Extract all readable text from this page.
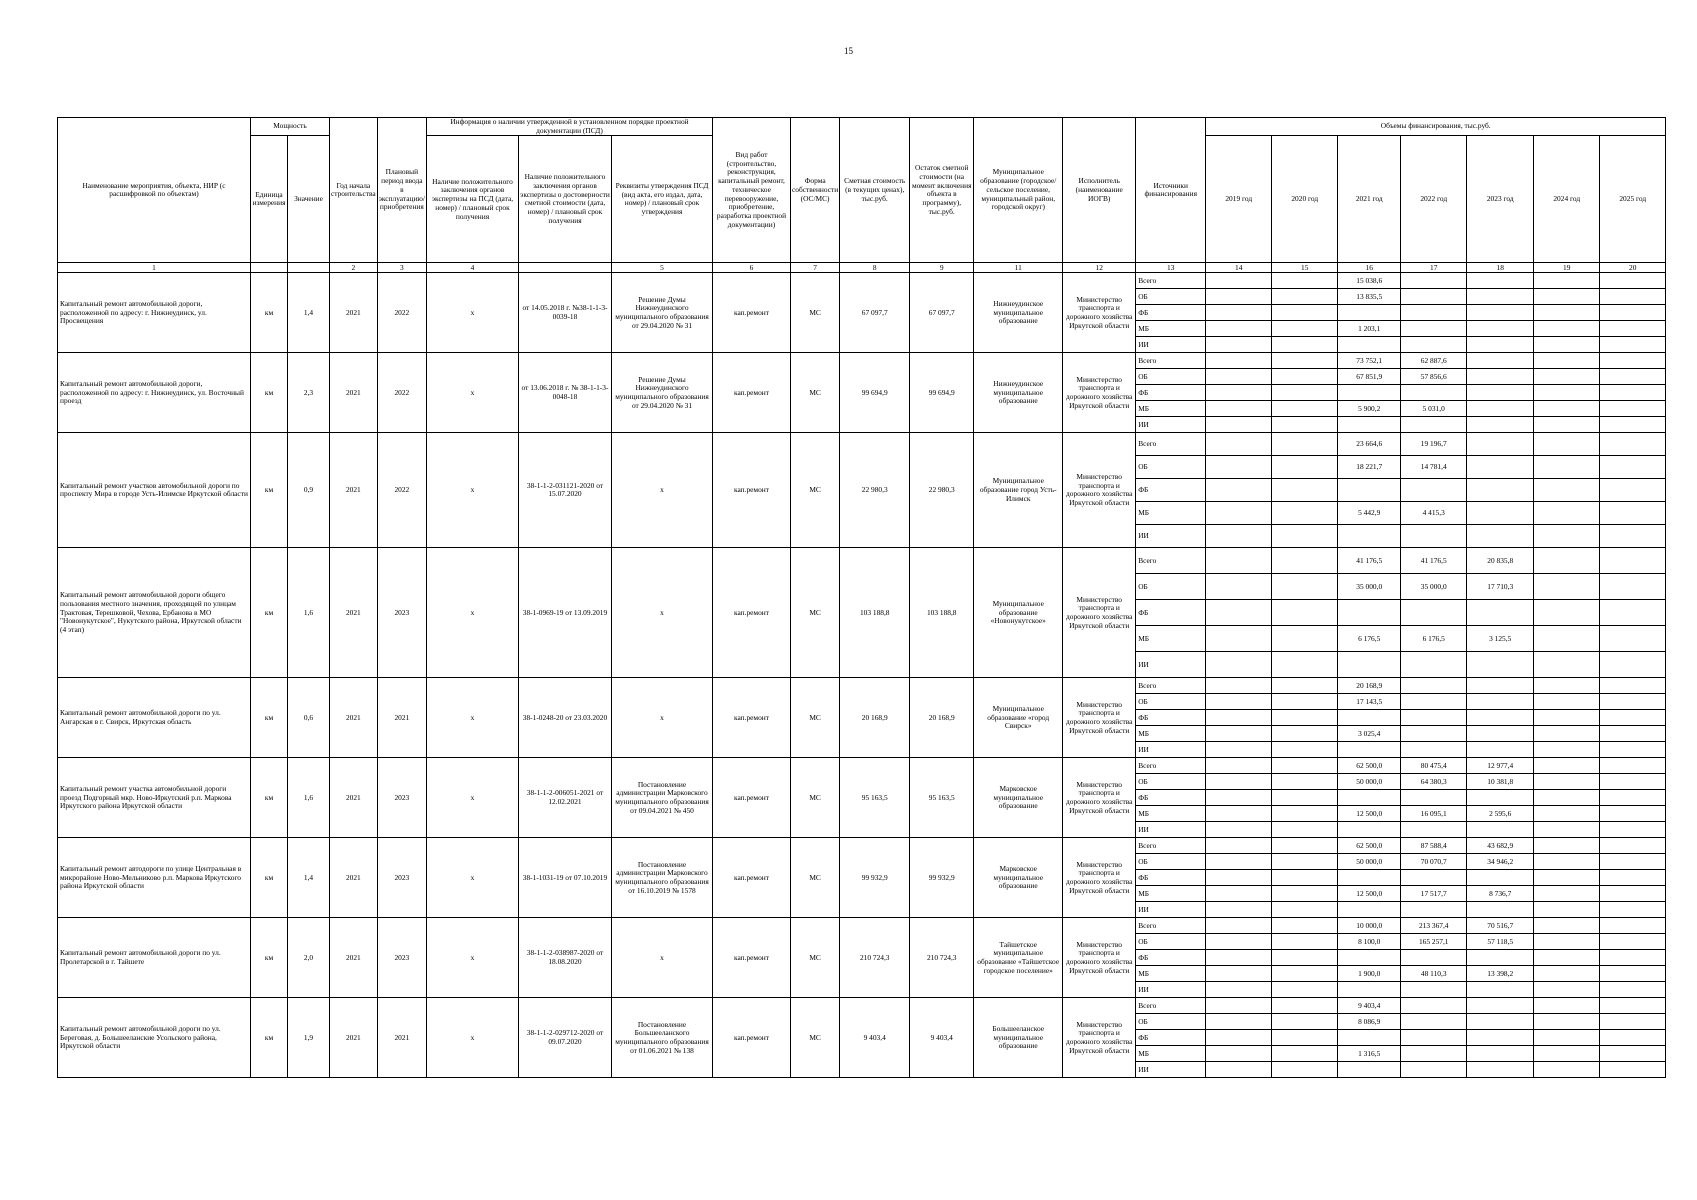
15
Наименование мероприятия, объекта, НИР (с расшифровкой по объектам)	Мощность		Год начала строительства	Плановый период ввода в эксплуатацию/приобретения	Информация о наличии утвержденной в установленном порядке проектной документации (ПСД)			Вид работ (строительство, реконструкция, капитальный ремонт, техническое перевооружение, приобретение, разработка проектной документации)	Форма собственности (ОС/МС)	Сметная стоимость (в текущих ценах), тыс.руб.	Остаток сметной стоимости (на момент включения объекта в программу), тыс.руб.	Муниципальное образование (городское/сельское поселение, муниципальный район, городской округ)	Исполнитель (наименование ИОГВ)	Источники финансирования	Объемы финансирования, тыс.руб.						
	Единица измерения	Значение			Наличие положительного заключения органов экспертизы на ПСД (дата, номер) / плановый срок получения	Наличие положительного заключения органов экспертизы о достоверности сметной стоимости (дата, номер) / плановый срок получения	Реквизиты утверждения ПСД (вид акта, его издал, дата, номер) / плановый срок утверждения								2019 год	2020 год	2021 год	2022 год	2023 год	2024 год	2025 год
1			2	3	4		5	6	7	8	9	11	12	13	14	15	16	17	18	19	20
Капитальный ремонт автомобильной дороги, расположенной по адресу: г. Нижнеудинск, ул. Просвещения	км	1,4	2021	2022	х	от 14.05.2018 г. №38-1-1-3-0039-18	Решение Думы Нижнеудинского муниципального образования от 29.04.2020 № 31	кап.ремонт	МС	67 097,7	67 097,7	Нижнеудинское муниципальное образование	Министерство транспорта и дорожного хозяйства Иркутской области	Всего			15 038,6				
														ОБ			13 835,5				
														ФБ							
														МБ			1 203,1				
														ИИ							
Капитальный ремонт автомобильной дороги, расположенной по адресу: г. Нижнеудинск, ул. Восточный проезд	км	2,3	2021	2022	х	от 13.06.2018 г. № 38-1-1-3-0048-18	Решение Думы Нижнеудинского муниципального образования от 29.04.2020 № 31	кап.ремонт	МС	99 694,9	99 694,9	Нижнеудинское муниципальное образование	Министерство транспорта и дорожного хозяйства Иркутской области	Всего			73 752,1	62 887,6			
														ОБ			67 851,9	57 856,6			
														ФБ							
														МБ			5 900,2	5 031,0			
														ИИ							
Капитальный ремонт участков автомобильной дороги по проспекту Мира в городе Усть-Илимске Иркутской области	км	0,9	2021	2022	х	38-1-1-2-031121-2020 от 15.07.2020	х	кап.ремонт	МС	22 980,3	22 980,3	Муниципальное образование город Усть-Илимск	Министерство транспорта и дорожного хозяйства Иркутской области	Всего			23 664,6	19 196,7			
														ОБ			18 221,7	14 781,4			
														ФБ							
														МБ			5 442,9	4 415,3			
														ИИ							
Капитальный ремонт автомобильной дороги общего пользования местного значения, проходящей по улицам Трактовая, Терешковой, Чехова, Ербанова в МО "Новонукутское", Нукутского района, Иркутской области (4 этап)	км	1,6	2021	2023	х	38-1-0969-19 от 13.09.2019	х	кап.ремонт	МС	103 188,8	103 188,8	Муниципальное образование «Новонукутское»	Министерство транспорта и дорожного хозяйства Иркутской области	Всего			41 176,5	41 176,5	20 835,8		
														ОБ			35 000,0	35 000,0	17 710,3		
														ФБ							
														МБ			6 176,5	6 176,5	3 125,5		
														ИИ							
Капитальный ремонт автомобильной дороги по ул. Ангарская в г. Свирск, Иркутская область	км	0,6	2021	2021	х	38-1-0248-20 от 23.03.2020	х	кап.ремонт	МС	20 168,9	20 168,9	Муниципальное образование «город Свирск»	Министерство транспорта и дорожного хозяйства Иркутской области	Всего			20 168,9				
														ОБ			17 143,5				
														ФБ							
														МБ			3 025,4				
														ИИ							
Капитальный ремонт участка автомобильной дороги проезд Подгорный мкр. Ново-Иркутский р.п. Маркова Иркутского района Иркутской области	км	1,6	2021	2023	х	38-1-1-2-006051-2021 от 12.02.2021	Постановление администрации Марковского муниципального образования от 09.04.2021 № 450	кап.ремонт	МС	95 163,5	95 163,5	Марковское муниципальное образование	Министерство транспорта и дорожного хозяйства Иркутской области	Всего			62 500,0	80 475,4	12 977,4		
														ОБ			50 000,0	64 380,3	10 381,8		
														ФБ							
														МБ			12 500,0	16 095,1	2 595,6		
														ИИ							
Капитальный ремонт автодороги по улице Центральная в микрорайоне Ново-Мельниково р.п. Маркова Иркутского района Иркутской области	км	1,4	2021	2023	х	38-1-1031-19 от 07.10.2019	Постановление администрации Марковского муниципального образования от 16.10.2019 № 1578	кап.ремонт	МС	99 932,9	99 932,9	Марковское муниципальное образование	Министерство транспорта и дорожного хозяйства Иркутской области	Всего			62 500,0	87 588,4	43 682,9		
														ОБ			50 000,0	70 070,7	34 946,2		
														ФБ							
														МБ			12 500,0	17 517,7	8 736,7		
														ИИ							
Капитальный ремонт автомобильной дороги по ул. Пролетарской в г. Тайшете	км	2,0	2021	2023	х	38-1-1-2-038987-2020 от 18.08.2020	х	кап.ремонт	МС	210 724,3	210 724,3	Тайшетское муниципальное образование «Тайшетское городское поселение»	Министерство транспорта и дорожного хозяйства Иркутской области	Всего			10 000,0	213 367,4	70 516,7		
														ОБ			8 100,0	165 257,1	57 118,5		
														ФБ							
														МБ			1 900,0	48 110,3	13 398,2		
														ИИ							
Капитальный ремонт автомобильной дороги по ул. Береговая, д. Большееланские Усольского района, Иркутской области	км	1,9	2021	2021	х	38-1-1-2-029712-2020 от 09.07.2020	Постановление Большееланского муниципального образования от 01.06.2021 № 138	кап.ремонт	МС	9 403,4	9 403,4	Большееланское муниципальное образование	Министерство транспорта и дорожного хозяйства Иркутской области	Всего			9 403,4				
														ОБ			8 086,9				
														ФБ							
														МБ			1 316,5				
														ИИ							
